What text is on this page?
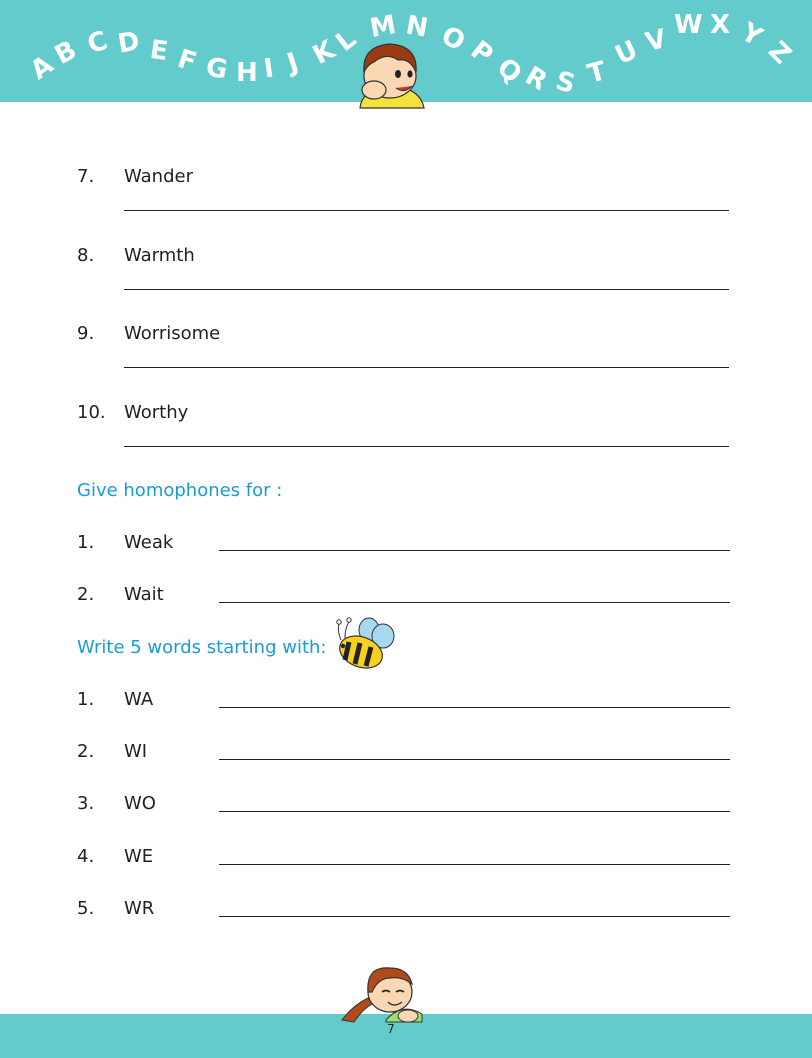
A
B C D E F G H I J K
L M N O
P
Q
R S T
U V W X Y
Z
7. Wander
8. Warmth
9. Worrisome
10. Worthy
Give homophones for :
1. Weak
2. Wait
Write 5 words starting with:
1. WA
2. WI
3. WO
4. WE
5. WR
7
